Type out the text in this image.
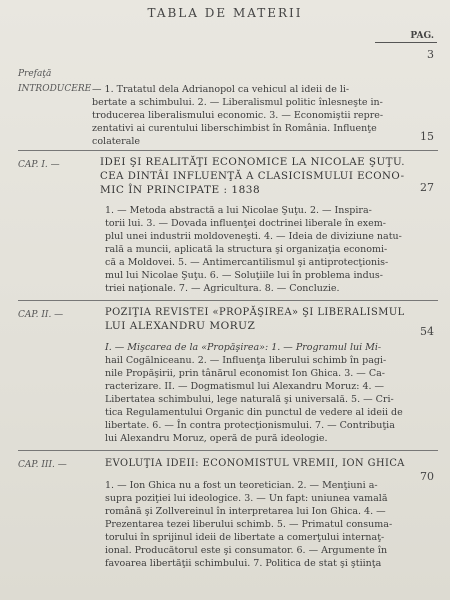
TABLA DE MATERII
PAG.
Prefaţă
3
INTRODUCERE — 1. Tratatul dela Adrianopol ca vehicul al ideii de li-
bertate a schimbului. 2. — Liberalismul politic înlesneşte in-
troducerea liberalismului economic. 3. — Economiştii repre-
zentativi ai curentului liberschimbist în România. Influenţe
colaterale	15
CAP. I. —	IDEI ŞI REALITĂŢI ECONOMICE LA NICOLAE ŞUŢU.
CEA DINTÂI INFLUENŢĂ A CLASICISMULUI ECONO-
MIC ÎN PRINCIPATE : 1838	27
1. — Metoda abstractă a lui Nicolae Şuţu. 2. — Inspira-
torii lui. 3. — Dovada influenţei doctrinei liberale în exem-
plul unei industrii moldoveneşti. 4. — Ideia de diviziune natu-
rală a muncii, aplicată la structura şi organizaţia economi-
că a Moldovei. 5. — Antimercantilismul şi antiprotecţionis-
mul lui Nicolae Şuţu. 6. — Soluţiile lui în problema indus-
triei naţionale. 7. — Agricultura. 8. — Concluzie.
CAP. II. —	POZIŢIA REVISTEI «PROPĂŞIREA» ŞI LIBERALISMUL
LUI ALEXANDRU MORUZ	54
I. — Mişcarea de la «Propăşirea»: 1. — Programul lui Mi-
hail Cogălniceanu. 2. — Influenţa liberului schimb în pagi-
nile Propăşirii, prin tânărul economist Ion Ghica. 3. — Ca-
racterizare. II. — Dogmatismul lui Alexandru Moruz: 4. —
Libertatea schimbului, lege naturală şi universală. 5. — Cri-
tica Regulamentului Organic din punctul de vedere al ideii de
libertate. 6. — În contra protecţionismului. 7. — Contribuţia
lui Alexandru Moruz, operă de pură ideologie.
CAP. III. —	EVOLUŢIA IDEII: ECONOMISTUL VREMII, ION GHICA
70
1. — Ion Ghica nu a fost un teoretician. 2. — Menţiuni a-
supra poziţiei lui ideologice. 3. — Un fapt: uniunea vamală
română şi Zollvereinul în interpretarea lui Ion Ghica. 4. —
Prezentarea tezei liberului schimb. 5. — Primatul consuma-
torului în sprijinul ideii de libertate a comerţului internaţ-
ional. Producătorul este şi consumator. 6. — Argumente în
favoarea libertăţii schimbului. 7. Politica de stat şi ştiinţa
